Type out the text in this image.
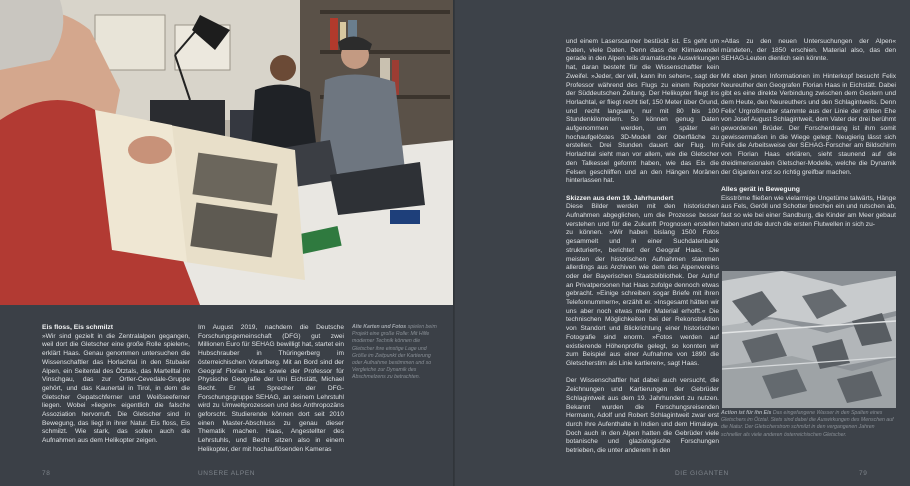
Eis floss, Eis schmilzt

»Wir sind gezielt in die Zentralalpen gegangen, weil dort die Gletscher eine große Rolle spielen«, erklärt Haas. Genau genommen untersuchen die Wissenschaftler das Horlachtal in den Stubaier Alpen, ein Seitental des Ötztals, das Martelltal im Vinschgau, das zur Ortler-Cevedale-Gruppe gehört, und das Kaunertal in Tirol, in dem die Gletscher Gepatschferner und Weißseeferner liegen. Wobei »liegen« eigentlich die falsche Assoziation hervorruft. Die Gletscher sind in Bewegung, das liegt in ihrer Natur. Eis floss, Eis schmilzt. Wie stark, das sollen auch die Aufnahmen aus dem Helikopter zeigen.

Im August 2019, nachdem die Deutsche Forschungsgemeinschaft (DFG) gut zwei Millionen Euro für SEHAG bewilligt hat, startet ein Hubschrauber in Thüringerberg im österreichischen Vorarlberg. Mit an Bord sind der Geograf Florian Haas sowie der Professor für Physische Geografie der Uni Eichstätt, Michael Becht. Er ist Sprecher der DFG-Forschungsgruppe SEHAG, an seinem Lehrstuhl wird zu Umweltprozessen und des Anthropozäns geforscht. Studierende können dort seit 2010 einen Master-Abschluss zu genau dieser Thematik machen. Haas, Angestellter des Lehrstuhls, und Becht sitzen also in einem Helikopter, der mit hochauflösenden Kameras

Alte Karten und Fotos spielen beim Projekt eine große Rolle: Mit Hilfe moderner Technik können die Gletscher ihre einstige Lage und Größe im Zeitpunkt der Kartierung oder Aufnahme bestimmen und so Vergleiche zur Dynamik des Abschmelzens zu betrachten.
78	UNSERE ALPEN

und einem Laserscanner bestückt ist. Es geht um Daten, viele Daten. Denn dass der Klimawandel gerade in den Alpen teils dramatische Auswirkungen hat, daran besteht für die Wissenschaftler kein Zweifel. »Jeder, der will, kann ihn sehen«, sagt der Professor während des Flugs zu einem Reporter der Süddeutschen Zeitung. Der Helikopter fliegt ins Horlachtal, er fliegt recht tief, 150 Meter über Grund, und recht langsam, nur mit 80 bis 100 Stundenkilometern. So können genug Daten aufgenommen werden, um später ein hochaufgelöstes 3D-Modell der Oberfläche zu erstellen. Drei Stunden dauert der Flug. Im Horlachtal sieht man vor allem, wie die Gletscher den Talkessel geformt haben, wie das Eis die Felsen geschliffen und an den Hängen Moränen hinterlassen hat.

Skizzen aus dem 19. Jahrhundert

Diese Bilder werden mit den historischen Aufnahmen abgeglichen, um die Prozesse besser verstehen und für die Zukunft Prognosen erstellen zu können. »Wir haben bislang 1500 Fotos gesammelt und in einer Suchdatenbank strukturiert«, berichtet der Geograf Haas. Die meisten der historischen Aufnahmen stammen allerdings aus Archiven wie dem des Alpenvereins oder der Bayerischen Staatsbibliothek. Der Aufruf an Privatpersonen hat Haas zufolge dennoch etwas gebracht. »Einige schreiben sogar Briefe mit ihren Telefonnummern«, erzählt er. »Insgesamt hätten wir uns aber noch etwas mehr Material erhofft.« Die technischen Möglichkeiten bei der Rekonstruktion von Standort und Blickrichtung einer historischen Fotografie sind enorm. »Fotos werden auf existierende Höhenprofile gelegt, so konnten wir zum Beispiel aus einer Aufnahme von 1890 die Gletscherstirn als Linie kartieren«, sagt Haas.

Der Wissenschaftler hat dabei auch versucht, die Zeichnungen und Kartierungen der Gebrüder Schlagintweit aus dem 19. Jahrhundert zu nutzen. Bekannt wurden die Forschungsreisenden Hermann, Adolf und Robert Schlagintweit zwar erst durch ihre Aufenthalte in Indien und dem Himalaya. Doch auch in den Alpen hatten die Gebrüder viele botanische und glaziologische Forschungen betrieben, die unter anderem in den

»Atlas zu den neuen Untersuchungen der Alpen« mündeten, der 1850 erschien. Material also, das den SEHAG-Leuten dienlich sein könnte.

Mit eben jenen Informationen im Hinterkopf besucht Felix Neureuther den Geografen Florian Haas in Eichstätt. Dabei gibt es eine direkte Verbindung zwischen dem Gestern und dem Heute, den Neureuthers und den Schlagintweits. Denn Felix' Urgroßmutter stammte aus der Linie der dritten Ehe von Josef August Schlagintweit, dem Vater der drei berühmt gewordenen Brüder. Der Forscherdrang ist ihm somit gewissermaßen in die Wiege gelegt. Neugierig lässt sich Felix die Arbeitsweise der SEHAG-Forscher am Bildschirm von Florian Haas erklären, sieht staunend auf die dreidimensionalen Gletscher-Modelle, welche die Dynamik der Giganten erst so richtig greifbar machen.

Alles gerät in Bewegung

Eisströme fließen wie vielarmige Ungetüme talwärts, Hänge aus Fels, Geröll und Schotter brechen ein und rutschen ab, fast so wie bei einer Sandburg, die Kinder am Meer gebaut haben und die durch die ersten Flutwellen in sich zu-

Action ist für ihn Eis Das eingefangene Wasser in den Spalten eines Gletschers im Ötztal. Stets sind dabei die Auswirkungen des Menschen auf die Natur. Der Gletscherstrom schmilzt in den vergangenen Jahren schneller als viele anderen österreichischen Gletscher.
DIE GIGANTEN	79
